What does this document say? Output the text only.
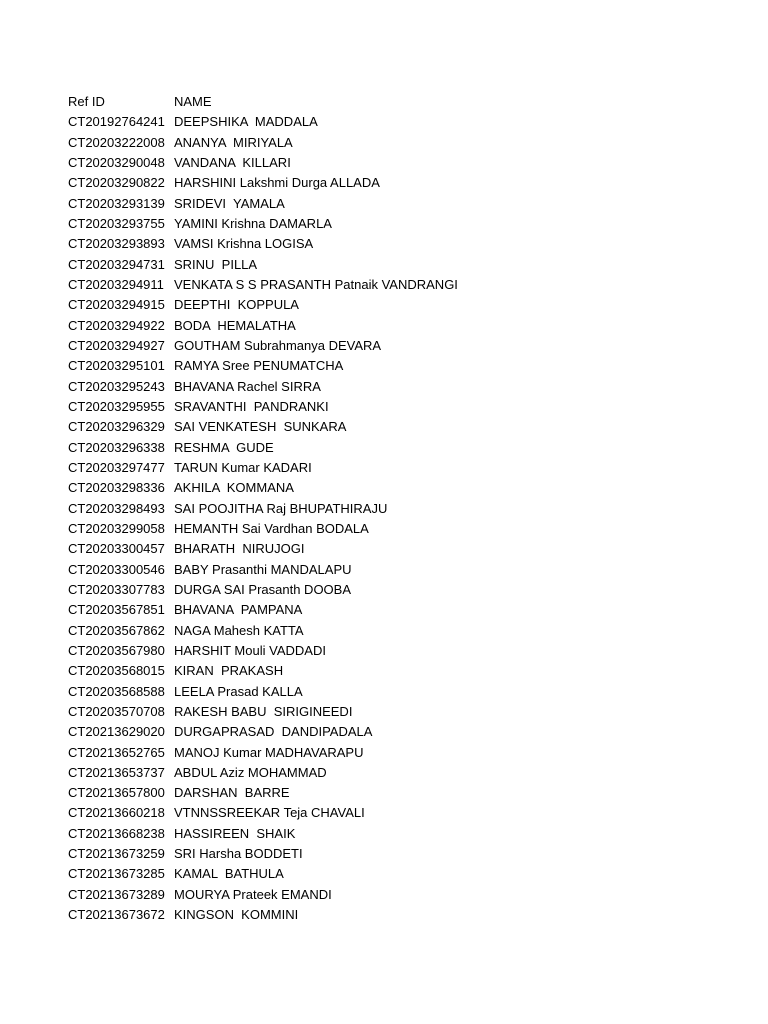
Ref ID	NAME
CT20192764241 DEEPSHIKA  MADDALA
CT20203222008 ANANYA  MIRIYALA
CT20203290048 VANDANA  KILLARI
CT20203290822 HARSHINI Lakshmi Durga ALLADA
CT20203293139 SRIDEVI  YAMALA
CT20203293755 YAMINI Krishna DAMARLA
CT20203293893 VAMSI Krishna LOGISA
CT20203294731 SRINU  PILLA
CT20203294911 VENKATA S S PRASANTH Patnaik VANDRANGI
CT20203294915 DEEPTHI  KOPPULA
CT20203294922 BODA  HEMALATHA
CT20203294927 GOUTHAM Subrahmanya DEVARA
CT20203295101 RAMYA Sree PENUMATCHA
CT20203295243 BHAVANA Rachel SIRRA
CT20203295955 SRAVANTHI  PANDRANKI
CT20203296329 SAI VENKATESH  SUNKARA
CT20203296338 RESHMA  GUDE
CT20203297477 TARUN Kumar KADARI
CT20203298336 AKHILA  KOMMANA
CT20203298493 SAI POOJITHA Raj BHUPATHIRAJU
CT20203299058 HEMANTH Sai Vardhan BODALA
CT20203300457 BHARATH  NIRUJOGI
CT20203300546 BABY Prasanthi MANDALAPU
CT20203307783 DURGA SAI Prasanth DOOBA
CT20203567851 BHAVANA  PAMPANA
CT20203567862 NAGA Mahesh KATTA
CT20203567980 HARSHIT Mouli VADDADI
CT20203568015 KIRAN  PRAKASH
CT20203568588 LEELA Prasad KALLA
CT20203570708 RAKESH BABU  SIRIGINEEDI
CT20213629020 DURGAPRASAD  DANDIPADALA
CT20213652765 MANOJ Kumar MADHAVARAPU
CT20213653737 ABDUL Aziz MOHAMMAD
CT20213657800 DARSHAN  BARRE
CT20213660218 VTNNSSREEKAR Teja CHAVALI
CT20213668238 HASSIREEN  SHAIK
CT20213673259 SRI Harsha BODDETI
CT20213673285 KAMAL  BATHULA
CT20213673289 MOURYA Prateek EMANDI
CT20213673672 KINGSON  KOMMINI
